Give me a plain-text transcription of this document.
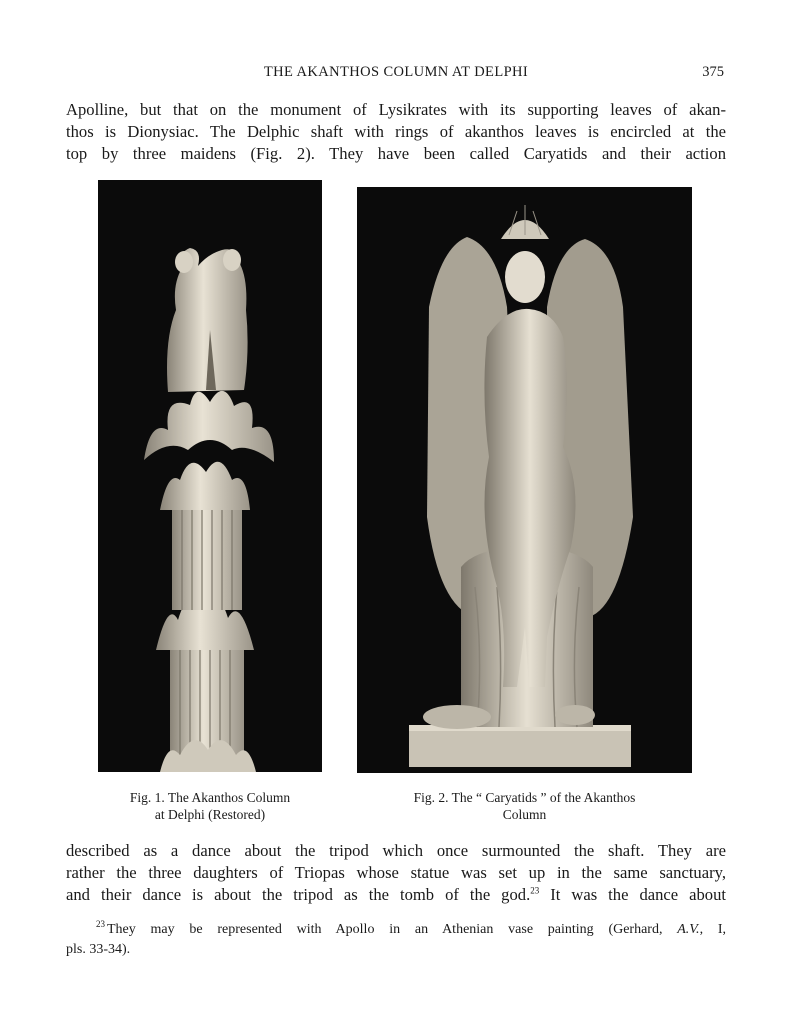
THE AKANTHOS COLUMN AT DELPHI	375
Apolline, but that on the monument of Lysikrates with its supporting leaves of akan-
thos is Dionysiac. The Delphic shaft with rings of akanthos leaves is encircled at the
top by three maidens (Fig. 2). They have been called Caryatids and their action
Fig. 1. The Akanthos Column
at Delphi (Restored)
Fig. 2. The “ Caryatids ” of the Akanthos
Column
described as a dance about the tripod which once surmounted the shaft. They are
rather the three daughters of Triopas whose statue was set up in the same sanctuary,
and their dance is about the tripod as the tomb of the god.$^{23}$ It was the dance about
$^{23}$ They may be represented with Apollo in an Athenian vase painting (Gerhard, A.V., I,
pls. 33-34).
